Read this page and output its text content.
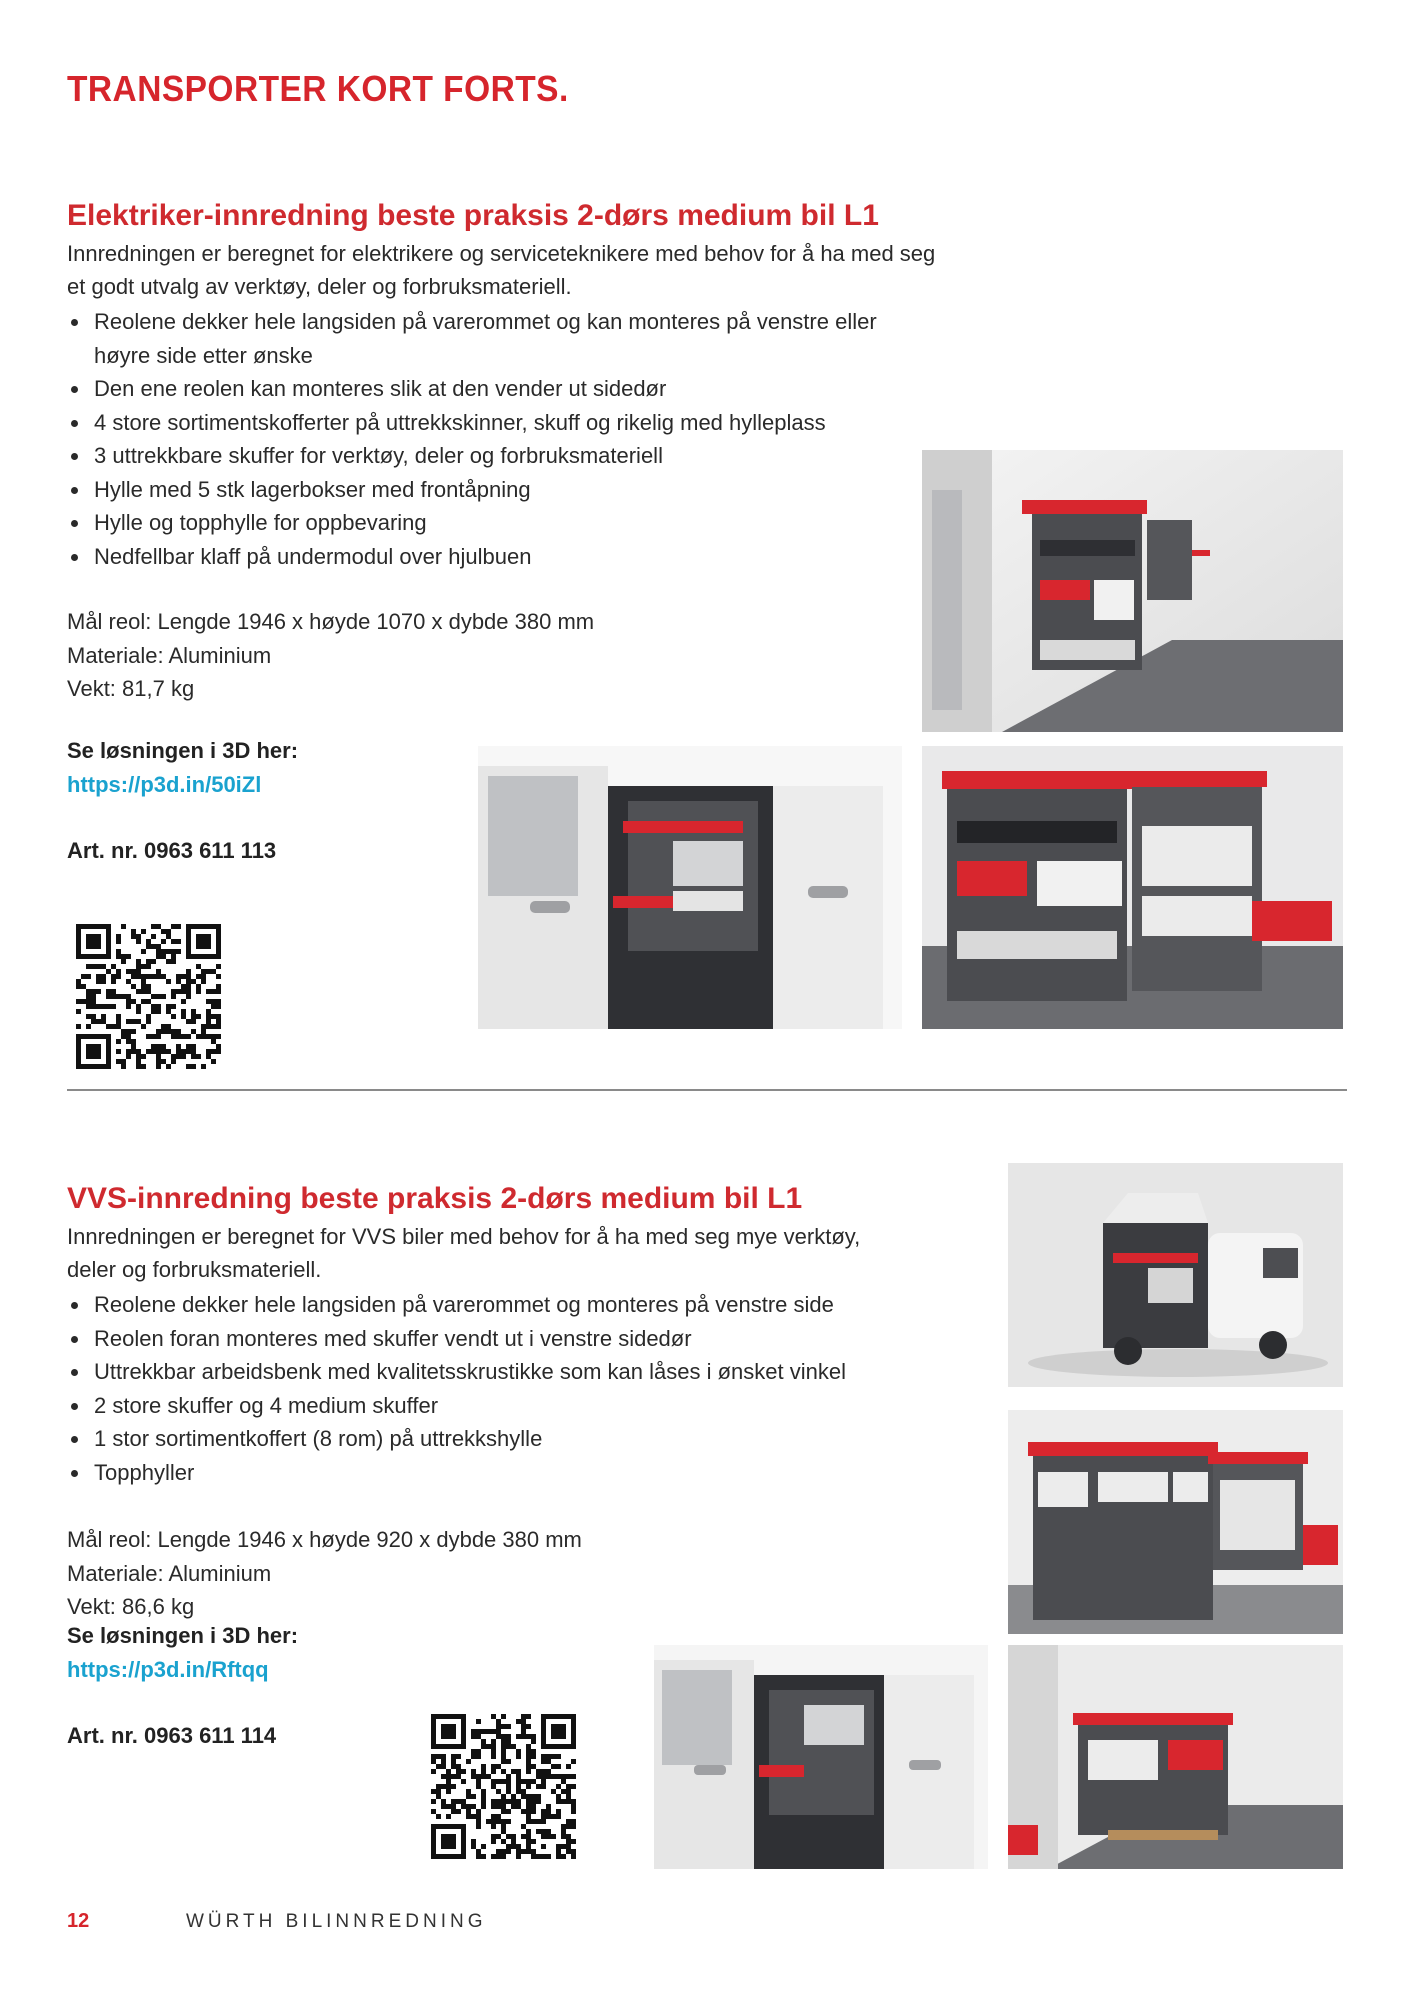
TRANSPORTER KORT FORTS.
Elektriker-innredning beste praksis 2-dørs medium bil L1
Innredningen er beregnet for elektrikere og serviceteknikere med behov for å ha med seg
et godt utvalg av verktøy, deler og forbruksmateriell.
Reolene dekker hele langsiden på varerommet og kan monteres på venstre eller
høyre side etter ønske
Den ene reolen kan monteres slik at den vender ut sidedør
4 store sortimentskofferter på uttrekkskinner, skuff og rikelig med hylleplass
3 uttrekkbare skuffer for verktøy, deler og forbruksmateriell
Hylle med 5 stk lagerbokser med frontåpning
Hylle og topphylle for oppbevaring
Nedfellbar klaff på undermodul over hjulbuen
Mål reol: Lengde 1946 x høyde 1070 x dybde 380 mm
Materiale: Aluminium
Vekt: 81,7 kg
Se løsningen i 3D her:
https://p3d.in/50iZl
Art. nr. 0963 611 113
VVS-innredning beste praksis 2-dørs medium bil L1
Innredningen er beregnet for VVS biler med behov for å ha med seg mye verktøy,
deler og forbruksmateriell.
Reolene dekker hele langsiden på varerommet og monteres på venstre side
Reolen foran monteres med skuffer vendt ut i venstre sidedør
Uttrekkbar arbeidsbenk med kvalitetsskrustikke som kan låses i ønsket vinkel
2 store skuffer og 4 medium skuffer
1 stor sortimentkoffert (8 rom) på uttrekkshylle
Topphyller
Mål reol: Lengde 1946 x høyde 920 x dybde 380 mm
Materiale: Aluminium
Vekt: 86,6 kg
Se løsningen i 3D her:
https://p3d.in/Rftqq
Art. nr. 0963 611 114
12	WÜRTH BILINNREDNING
